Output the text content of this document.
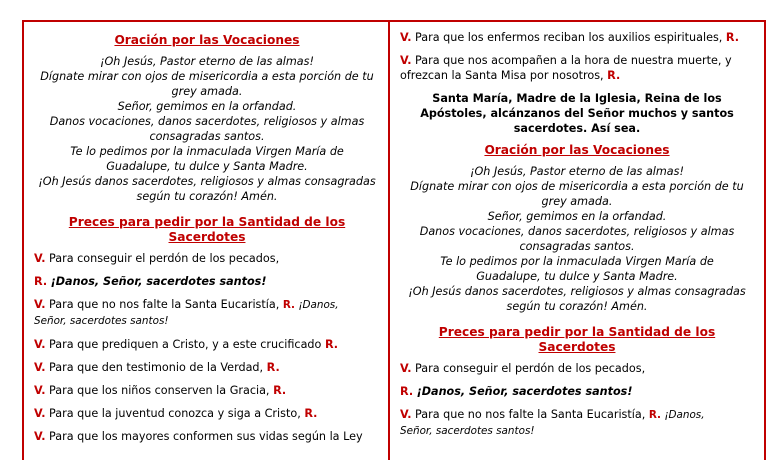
Oración por las Vocaciones

¡Oh Jesús, Pastor eterno de las almas!

Dígnate mirar con ojos de misericordia a esta porción de tu

grey amada.

Señor, gemimos en la orfandad.

Danos vocaciones, danos sacerdotes, religiosos y almas

consagradas santos.

Te lo pedimos por la inmaculada Virgen María de

Guadalupe, tu dulce y Santa Madre.

¡Oh Jesús danos sacerdotes, religiosos y almas consagradas

según tu corazón! Amén.

Preces para pedir por la Santidad de los
Sacerdotes

V. Para conseguir el perdón de los pecados,

R. ¡Danos, Señor, sacerdotes santos!

V. Para que no nos falte la Santa Eucaristía, R. ¡Danos,
Señor, sacerdotes santos!

V. Para que prediquen a Cristo, y a este crucificado R.

V. Para que den testimonio de la Verdad, R.

V. Para que los niños conserven la Gracia, R.

V. Para que la juventud conozca y siga a Cristo, R.

V. Para que los mayores conformen sus vidas según la Ley

V. Para que los enfermos reciban los auxilios espirituales, R.

V. Para que nos acompañen a la hora de nuestra muerte, y
ofrezcan la Santa Misa por nosotros, R.

Santa María, Madre de la Iglesia, Reina de los
Apóstoles, alcánzanos del Señor muchos y santos
sacerdotes. Así sea.
Oración por las Vocaciones

¡Oh Jesús, Pastor eterno de las almas!

Dígnate mirar con ojos de misericordia a esta porción de tu

grey amada.

Señor, gemimos en la orfandad.

Danos vocaciones, danos sacerdotes, religiosos y almas

consagradas santos.

Te lo pedimos por la inmaculada Virgen María de

Guadalupe, tu dulce y Santa Madre.

¡Oh Jesús danos sacerdotes, religiosos y almas consagradas

según tu corazón! Amén.

Preces para pedir por la Santidad de los
Sacerdotes

V. Para conseguir el perdón de los pecados,

R. ¡Danos, Señor, sacerdotes santos!

V. Para que no nos falte la Santa Eucaristía, R. ¡Danos,
Señor, sacerdotes santos!
